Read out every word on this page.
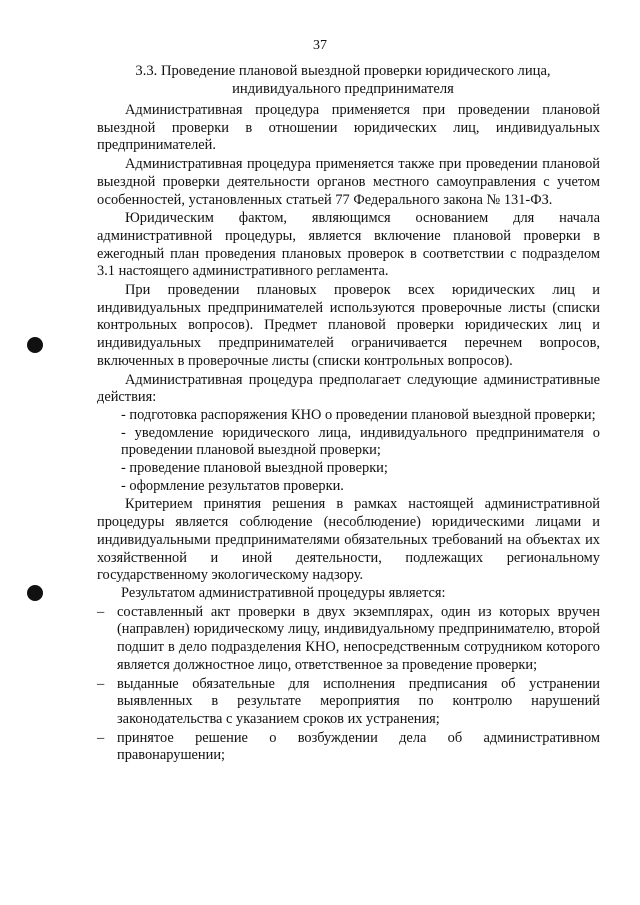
37
3.3. Проведение плановой выездной проверки юридического лица,
индивидуального предпринимателя
Административная процедура применяется при проведении плановой выездной проверки в отношении юридических лиц, индивидуальных предпринимателей.
Административная процедура применяется также при проведении плановой выездной проверки деятельности органов местного самоуправления с учетом особенностей, установленных статьей 77 Федерального закона № 131-ФЗ.
Юридическим фактом, являющимся основанием для начала административной процедуры, является включение плановой проверки в ежегодный план проведения плановых проверок в соответствии с подразделом 3.1 настоящего административного регламента.
При проведении плановых проверок всех юридических лиц и индивидуальных предпринимателей используются проверочные листы (списки контрольных вопросов). Предмет плановой проверки юридических лиц и индивидуальных предпринимателей ограничивается перечнем вопросов, включенных в проверочные листы (списки контрольных вопросов).
Административная процедура предполагает следующие административные действия:
- подготовка распоряжения КНО о проведении плановой выездной проверки;
- уведомление юридического лица, индивидуального предпринимателя о проведении плановой выездной проверки;
- проведение плановой выездной проверки;
- оформление результатов проверки.
Критерием принятия решения в рамках настоящей административной процедуры является соблюдение (несоблюдение) юридическими лицами и индивидуальными предпринимателями обязательных требований на объектах их хозяйственной и иной деятельности, подлежащих региональному государственному экологическому надзору.
Результатом административной процедуры является:
– составленный акт проверки в двух экземплярах, один из которых вручен (направлен) юридическому лицу, индивидуальному предпринимателю, второй подшит в дело подразделения КНО, непосредственным сотрудником которого является должностное лицо, ответственное за проведение проверки;
– выданные обязательные для исполнения предписания об устранении выявленных в результате мероприятия по контролю нарушений законодательства с указанием сроков их устранения;
– принятое решение о возбуждении дела об административном правонарушении;
